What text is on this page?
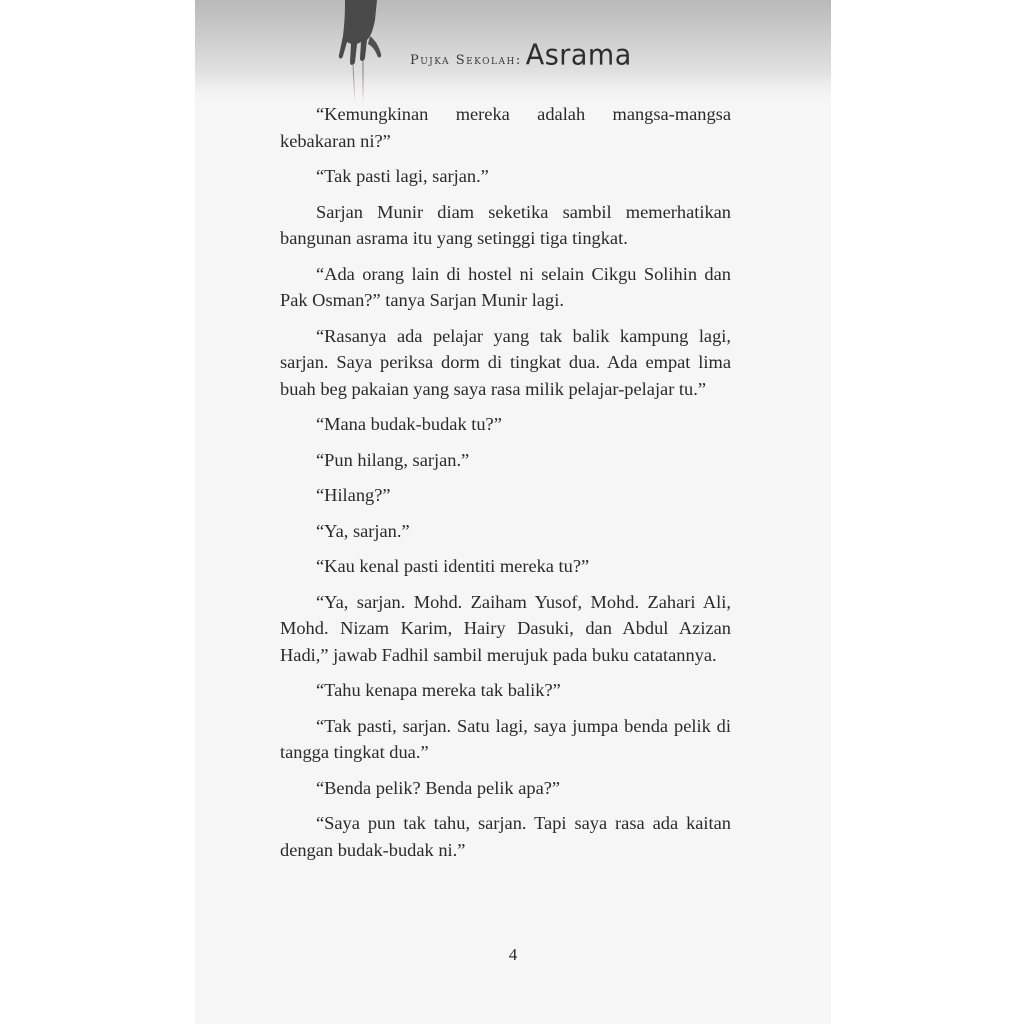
Pujka Sekolah: Asrama

“Kemungkinan mereka adalah mangsa-mangsa kebakaran ni?”

“Tak pasti lagi, sarjan.”

Sarjan Munir diam seketika sambil memerhatikan bangunan asrama itu yang setinggi tiga tingkat.

“Ada orang lain di hostel ni selain Cikgu Solihin dan Pak Osman?” tanya Sarjan Munir lagi.

“Rasanya ada pelajar yang tak balik kampung lagi, sarjan. Saya periksa dorm di tingkat dua. Ada empat lima buah beg pakaian yang saya rasa milik pelajar-pelajar tu.”

“Mana budak-budak tu?”

“Pun hilang, sarjan.”

“Hilang?”

“Ya, sarjan.”

“Kau kenal pasti identiti mereka tu?”

“Ya, sarjan. Mohd. Zaiham Yusof, Mohd. Zahari Ali, Mohd. Nizam Karim, Hairy Dasuki, dan Abdul Azizan Hadi,” jawab Fadhil sambil merujuk pada buku catatannya.

“Tahu kenapa mereka tak balik?”

“Tak pasti, sarjan. Satu lagi, saya jumpa benda pelik di tangga tingkat dua.”

“Benda pelik? Benda pelik apa?”

“Saya pun tak tahu, sarjan. Tapi saya rasa ada kaitan dengan budak-budak ni.”

4
